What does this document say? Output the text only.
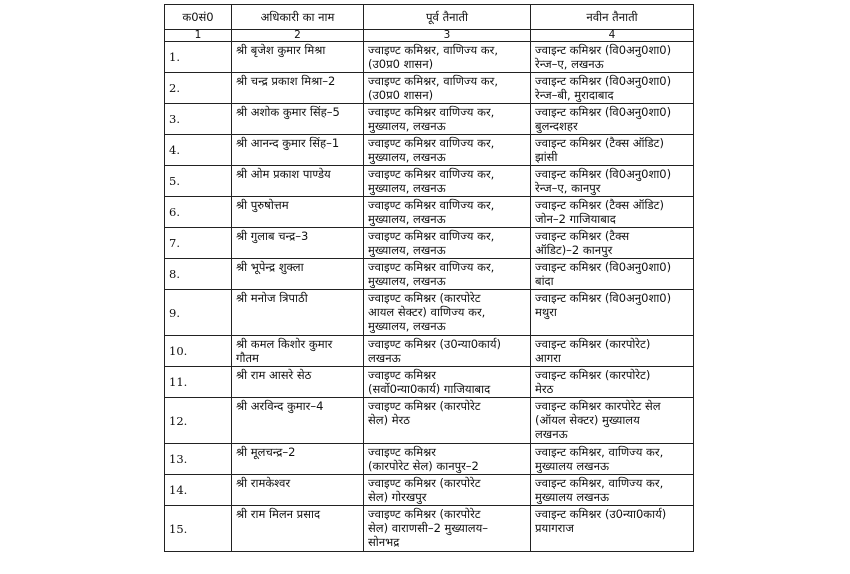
क0सं0	अधिकारी का नाम	पूर्व तैनाती	नवीन तैनाती
1	2	3	4
1.	श्री बृजेश कुमार मिश्रा	ज्वाइण्ट कमिश्नर, वाणिज्य कर,
(उ0प्र0 शासन)	ज्वाइन्ट कमिश्नर (वि0अनु0शा0)
रेन्ज–ए, लखनऊ
2.	श्री चन्द्र प्रकाश मिश्रा–2	ज्वाइण्ट कमिश्नर, वाणिज्य कर,
(उ0प्र0 शासन)	ज्वाइन्ट कमिश्नर (वि0अनु0शा0)
रेन्ज–बी, मुरादाबाद
3.	श्री अशोक कुमार सिंह–5	ज्वाइण्ट कमिश्नर वाणिज्य कर,
मुख्यालय, लखनऊ	ज्वाइन्ट कमिश्नर (वि0अनु0शा0)
बुलन्दशहर
4.	श्री आनन्द कुमार सिंह–1	ज्वाइण्ट कमिश्नर वाणिज्य कर,
मुख्यालय, लखनऊ	ज्वाइन्ट कमिश्नर (टैक्स ऑडिट)
झांसी
5.	श्री ओम प्रकाश पाण्डेय	ज्वाइण्ट कमिश्नर वाणिज्य कर,
मुख्यालय, लखनऊ	ज्वाइन्ट कमिश्नर (वि0अनु0शा0)
रेन्ज–ए, कानपुर
6.	श्री पुरुषोत्तम	ज्वाइण्ट कमिश्नर वाणिज्य कर,
मुख्यालय, लखनऊ	ज्वाइन्ट कमिश्नर (टैक्स ऑडिट)
जोन–2 गाजियाबाद
7.	श्री गुलाब चन्द्र–3	ज्वाइण्ट कमिश्नर वाणिज्य कर,
मुख्यालय, लखनऊ	ज्वाइन्ट कमिश्नर (टैक्स
ऑडिट)–2 कानपुर
8.	श्री भूपेन्द्र शुक्ला	ज्वाइण्ट कमिश्नर वाणिज्य कर,
मुख्यालय, लखनऊ	ज्वाइन्ट कमिश्नर (वि0अनु0शा0)
बांदा
9.	श्री मनोज त्रिपाठी	ज्वाइण्ट कमिश्नर (कारपोरेट
आयल सेक्टर) वाणिज्य कर,
मुख्यालय, लखनऊ	ज्वाइन्ट कमिश्नर (वि0अनु0शा0)
मथुरा
10.	श्री कमल किशोर कुमार
गौतम	ज्वाइण्ट कमिश्नर (उ0न्या0कार्य)
लखनऊ	ज्वाइन्ट कमिश्नर (कारपोरेट)
आगरा
11.	श्री राम आसरे सेठ	ज्वाइण्ट कमिश्नर
(सर्वो0न्या0कार्य) गाजियाबाद	ज्वाइन्ट कमिश्नर (कारपोरेट)
मेरठ
12.	श्री अरविन्द कुमार–4	ज्वाइण्ट कमिश्नर (कारपोरेट
सेल) मेरठ	ज्वाइन्ट कमिश्नर कारपोरेट सेल
(ऑयल सेक्टर) मुख्यालय
लखनऊ
13.	श्री मूलचन्द्र–2	ज्वाइण्ट कमिश्नर
(कारपोरेट सेल) कानपुर–2	ज्वाइन्ट कमिश्नर, वाणिज्य कर,
मुख्यालय लखनऊ
14.	श्री रामकेश्वर	ज्वाइण्ट कमिश्नर (कारपोरेट
सेल) गोरखपुर	ज्वाइन्ट कमिश्नर, वाणिज्य कर,
मुख्यालय लखनऊ
15.	श्री राम मिलन प्रसाद	ज्वाइण्ट कमिश्नर (कारपोरेट
सेल) वाराणसी–2 मुख्यालय–
सोनभद्र	ज्वाइन्ट कमिश्नर (उ0न्या0कार्य)
प्रयागराज
